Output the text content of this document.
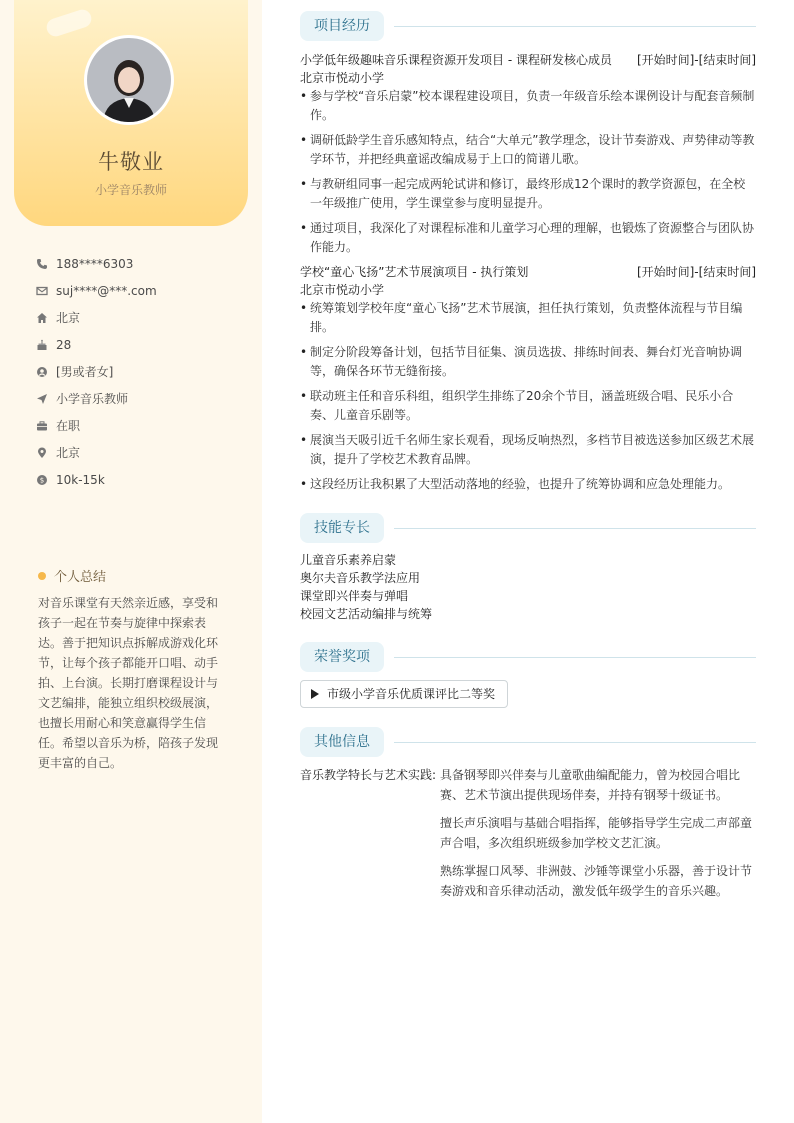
牛敬业
小学音乐教师
188****6303
suj****@***.com
北京
28
[男或者女]
小学音乐教师
在职
北京
$ 10k-15k
个人总结
对音乐课堂有天然亲近感，享受和孩子一起在节奏与旋律中探索表达。善于把知识点拆解成游戏化环节，让每个孩子都能开口唱、动手拍、上台演。长期打磨课程设计与文艺编排，能独立组织校级展演，也擅长用耐心和笑意赢得学生信任。希望以音乐为桥，陪孩子发现更丰富的自己。
项目经历
小学低年级趣味音乐课程资源开发项目 - 课程研发核心成员 [开始时间]-[结束时间]
北京市悦动小学
• 参与学校“音乐启蒙”校本课程建设项目，负责一年级音乐绘本课例设计与配套音频制作。
• 调研低龄学生音乐感知特点，结合“大单元”教学理念，设计节奏游戏、声势律动等教学环节，并把经典童谣改编成易于上口的简谱儿歌。
• 与教研组同事一起完成两轮试讲和修订，最终形成12个课时的教学资源包，在全校一年级推广使用，学生课堂参与度明显提升。
• 通过项目，我深化了对课程标准和儿童学习心理的理解，也锻炼了资源整合与团队协作能力。
学校“童心飞扬”艺术节展演项目 - 执行策划	[开始时间]-[结束时间]
北京市悦动小学
• 统筹策划学校年度“童心飞扬”艺术节展演，担任执行策划，负责整体流程与节目编排。
• 制定分阶段筹备计划，包括节目征集、演员选拔、排练时间表、舞台灯光音响协调等，确保各环节无缝衔接。
• 联动班主任和音乐科组，组织学生排练了20余个节目，涵盖班级合唱、民乐小合奏、儿童音乐剧等。
• 展演当天吸引近千名师生家长观看，现场反响热烈，多档节目被选送参加区级艺术展演，提升了学校艺术教育品牌。
• 这段经历让我积累了大型活动落地的经验，也提升了统筹协调和应急处理能力。
技能专长
儿童音乐素养启蒙
奥尔夫音乐教学法应用
课堂即兴伴奏与弹唱
校园文艺活动编排与统筹
荣誉奖项
市级小学音乐优质课评比二等奖
其他信息
音乐教学特长与艺术实践: 具备钢琴即兴伴奏与儿童歌曲编配能力，曾为校园合唱比赛、艺术节演出提供现场伴奏，并持有钢琴十级证书。

擅长声乐演唱与基础合唱指挥，能够指导学生完成二声部童声合唱，多次组织班级参加学校文艺汇演。

熟练掌握口风琴、非洲鼓、沙锤等课堂小乐器，善于设计节奏游戏和音乐律动活动，激发低年级学生的音乐兴趣。
